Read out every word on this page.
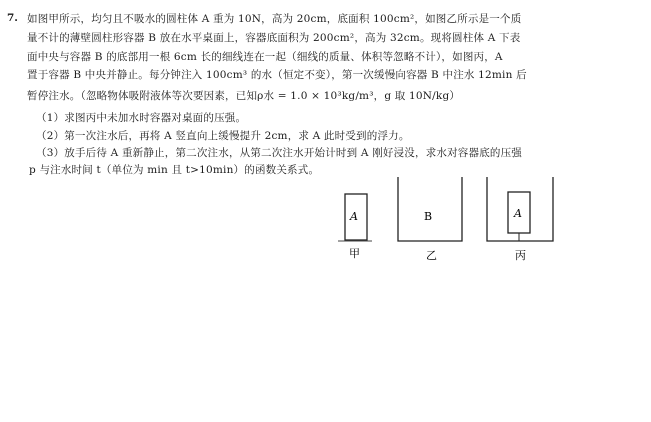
7. 如图甲所示，均匀且不吸水的圆柱体 A 重为 10N，高为 20cm，底面积 100cm²，如图乙所示是一个质
量不计的薄壁圆柱形容器 B 放在水平桌面上，容器底面积为 200cm²，高为 32cm。现将圆柱体 A 下表
面中央与容器 B 的底部用一根 6cm 长的细线连在一起（细线的质量、体积等忽略不计），如图丙，A
置于容器 B 中央并静止。每分钟注入 100cm³ 的水（恒定不变），第一次缓慢向容器 B 中注水 12min 后
暂停注水。（忽略物体吸附液体等次要因素，已知ρ水 = 1.0 × 10³kg/m³，g 取 10N/kg）
（1）求图丙中未加水时容器对桌面的压强。
（2）第一次注水后，再将 A 竖直向上缓慢提升 2cm，求 A 此时受到的浮力。
（3）放手后待 A 重新静止，第二次注水，从第二次注水开始计时到 A 刚好浸没，求水对容器底的压强
p 与注水时间 t（单位为 min 且 t>10min）的函数关系式。
A
甲
B
乙
A
丙
